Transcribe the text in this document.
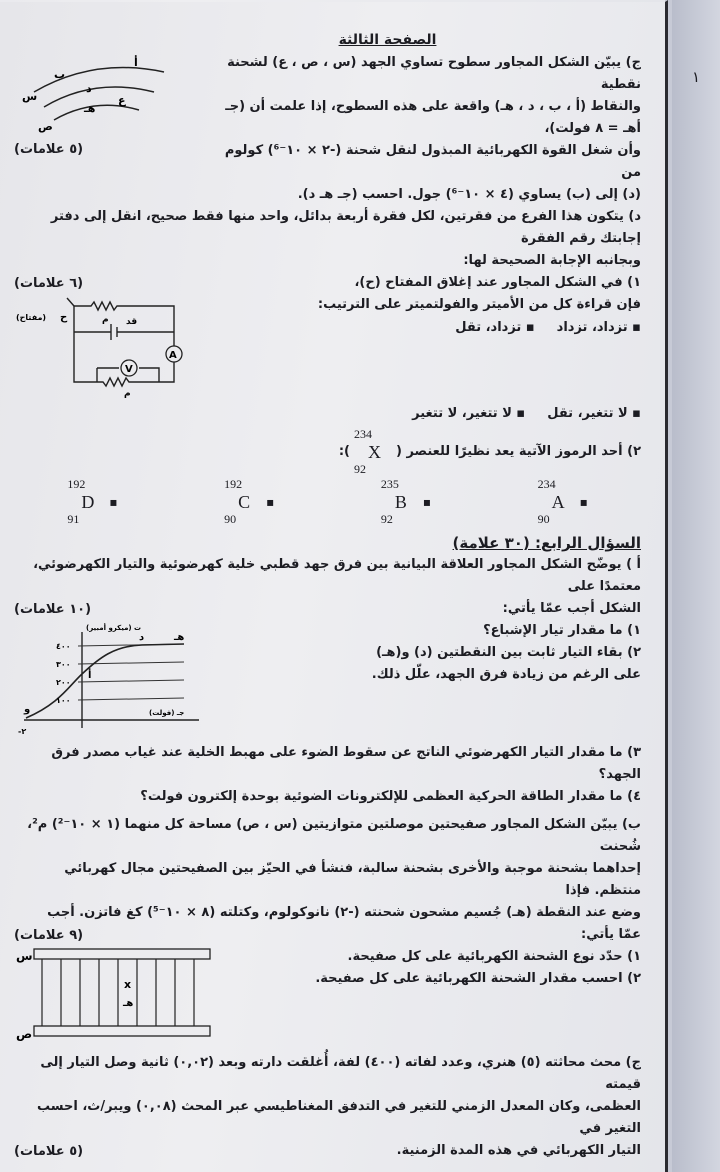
١
الصفحة الثالثة

ج) يبيّن الشكل المجاور سطوح تساوي الجهد (س ، ص ، ع) لشحنة نقطية

والنقاط (أ ، ب ، د ، هـ) واقعة على هذه السطوح، إذا علمت أن (جـ أهـ = ٨ فولت)،

وأن شغل القوة الكهربائية المبذول لنقل شحنة (-٢ × ١٠⁻⁶) كولوم من

(د) إلى (ب) يساوي (٤ × ١٠⁻⁶) جول. احسب (جـ هـ د).

أ
ب
د
هـ
ع
س
ص
(٥ علامات)

د) يتكون هذا الفرع من فقرتين، لكل فقرة أربعة بدائل، واحد منها فقط صحيح، انقل إلى دفتر إجابتك رقم الفقرة

وبجانبه الإجابة الصحيحة لها:

١) في الشكل المجاور عند إغلاق المفتاح (ح)،

فإن قراءة كل من الأميتر والفولتميتر على الترتيب:

▪ تزداد، تزداد
▪ تزداد، تقل
(٦ علامات)
V
A
ح
(مفتاح)	م قد
م
▪ لا تتغير، تقل
▪ لا تتغير، لا تتغير
٢) أحد الرموز الآتية يعد نظيرًا للعنصر (
234
X
92
):
234
A
90
▪
235
B
92
▪
192
C
90
▪
192
D
91
▪

السؤال الرابع: (٣٠ علامة)

أ ) يوضّح الشكل المجاور العلاقة البيانية بين فرق جهد قطبي خلية كهرضوئية والتيار الكهرضوئي، معتمدًا على

الشكل أجب عمّا يأتي:

١) ما مقدار تيار الإشباع؟

٢) بقاء التيار ثابت بين النقطتين (د) و(هـ)

على الرغم من زيادة فرق الجهد، علّل ذلك.

(١٠ علامات)
٤٠٠
٣٠٠
٢٠٠
١٠٠
ت (ميكرو أمبير)
جـ (فولت)
-٢
و
أ
د	هـ

٣) ما مقدار التيار الكهرضوئي الناتج عن سقوط الضوء على مهبط الخلية عند غياب مصدر فرق الجهد؟

٤) ما مقدار الطاقة الحركية العظمى للإلكترونات الضوئية بوحدة إلكترون فولت؟

ب) يبيّن الشكل المجاور صفيحتين موصلتين متوازيتين (س ، ص) مساحة كل منهما (١ × ١٠⁻²) م²، شُحنت

إحداهما بشحنة موجبة والأخرى بشحنة سالبة، فنشأ في الحيّز بين الصفيحتين مجال كهربائي منتظم. فإذا

وضع عند النقطة (هـ) جُسيم مشحون شحنته (-٢) نانوكولوم، وكتلته (٨ × ١٠⁻⁵) كغ فاتزن. أجب

عمّا يأتي:

١) حدّد نوع الشحنة الكهربائية على كل صفيحة.

٢) احسب مقدار الشحنة الكهربائية على كل صفيحة.

(٩ علامات)
س
ص
x
هـ

ج) محث محاثته (٥) هنري، وعدد لفاته (٤٠٠) لفة، أُغلقت دارته وبعد (٠,٠٢) ثانية وصل التيار إلى قيمته

العظمى، وكان المعدل الزمني للتغير في التدفق المغناطيسي عبر المحث (٠,٠٨) ويبر/ث، احسب التغير في

التيار الكهربائي في هذه المدة الزمنية.

(٥ علامات)
